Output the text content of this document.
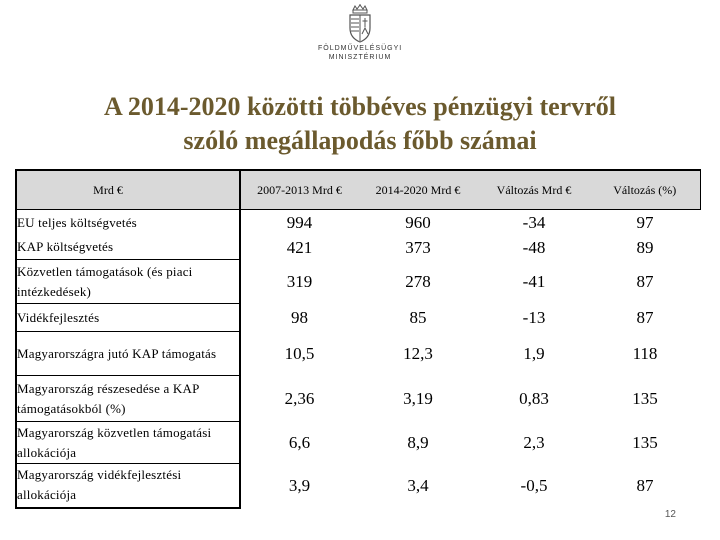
FÖLDMŰVELÉSÜGYI
MINISZTÉRIUM
A 2014-2020 közötti többéves pénzügyi tervről
szóló megállapodás főbb számai
Mrd €	2007-2013 Mrd €	2014-2020 Mrd €	Változás Mrd €	Változás (%)
EU teljes költségvetés	994	960	-34	97
KAP költségvetés	421	373	-48	89
Közvetlen támogatások (és piaci intézkedések)	319	278	-41	87
Vidékfejlesztés	98	85	-13	87
Magyarországra jutó KAP támogatás	10,5	12,3	1,9	118
Magyarország részesedése a KAP támogatásokból (%)	2,36	3,19	0,83	135
Magyarország közvetlen támogatási allokációja	6,6	8,9	2,3	135
Magyarország vidékfejlesztési allokációja	3,9	3,4	-0,5	87
12
